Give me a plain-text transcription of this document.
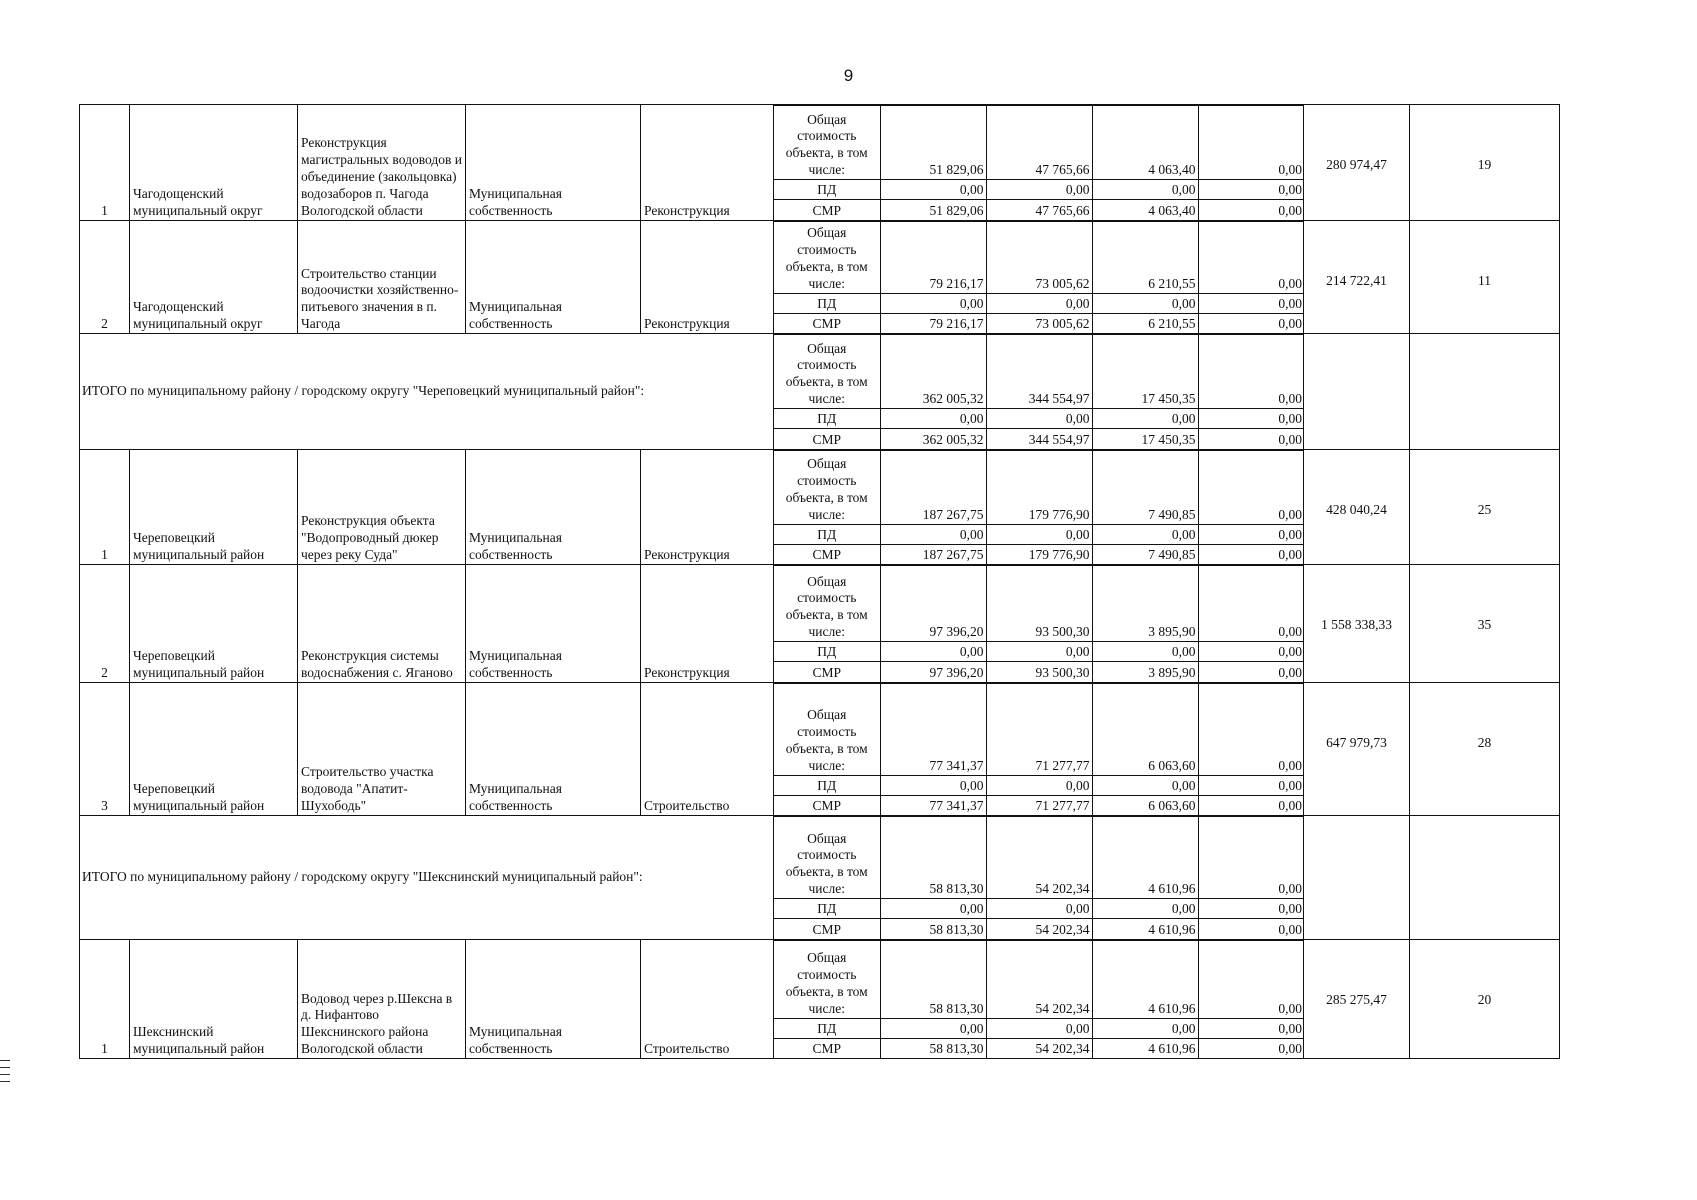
9
1	Чагодощенский муниципальный округ	Реконструкция магистральных водоводов и объединение (закольцовка) водозаборов п. Чагода Вологодской области	Муниципальная собственность	Реконструкция	
Общая стоимость объекта, в том числе:	51 829,06	47 765,66	4 063,40	0,00
ПД	0,00	0,00	0,00	0,00
СМР	51 829,06	47 765,66	4 063,40	0,00
	280 974,47	19
2	Чагодощенский муниципальный округ	Строительство станции водоочистки хозяйственно-питьевого значения в п. Чагода	Муниципальная собственность	Реконструкция	
Общая стоимость объекта, в том числе:	79 216,17	73 005,62	6 210,55	0,00
ПД	0,00	0,00	0,00	0,00
СМР	79 216,17	73 005,62	6 210,55	0,00
	214 722,41	11
ИТОГО по муниципальному району / городскому округу "Череповецкий муниципальный район":	
Общая стоимость объекта, в том числе:	362 005,32	344 554,97	17 450,35	0,00
ПД	0,00	0,00	0,00	0,00
СМР	362 005,32	344 554,97	17 450,35	0,00

1	Череповецкий муниципальный район	Реконструкция объекта "Водопроводный дюкер через реку Суда"	Муниципальная собственность	Реконструкция	
Общая стоимость объекта, в том числе:	187 267,75	179 776,90	7 490,85	0,00
ПД	0,00	0,00	0,00	0,00
СМР	187 267,75	179 776,90	7 490,85	0,00
	428 040,24	25
2	Череповецкий муниципальный район	Реконструкция системы водоснабжения с. Яганово	Муниципальная собственность	Реконструкция	
Общая стоимость объекта, в том числе:	97 396,20	93 500,30	3 895,90	0,00
ПД	0,00	0,00	0,00	0,00
СМР	97 396,20	93 500,30	3 895,90	0,00
	1 558 338,33	35
3	Череповецкий муниципальный район	Строительство участка водовода "Апатит-Шухободь"	Муниципальная собственность	Строительство	
Общая стоимость объекта, в том числе:	77 341,37	71 277,77	6 063,60	0,00
ПД	0,00	0,00	0,00	0,00
СМР	77 341,37	71 277,77	6 063,60	0,00
	647 979,73	28
ИТОГО по муниципальному району / городскому округу "Шекснинский муниципальный район":	
Общая стоимость объекта, в том числе:	58 813,30	54 202,34	4 610,96	0,00
ПД	0,00	0,00	0,00	0,00
СМР	58 813,30	54 202,34	4 610,96	0,00

1	Шекснинский муниципальный район	Водовод через р.Шексна в д. Нифантово Шекснинского района Вологодской области	Муниципальная собственность	Строительство	
Общая стоимость объекта, в том числе:	58 813,30	54 202,34	4 610,96	0,00
ПД	0,00	0,00	0,00	0,00
СМР	58 813,30	54 202,34	4 610,96	0,00
	285 275,47	20
